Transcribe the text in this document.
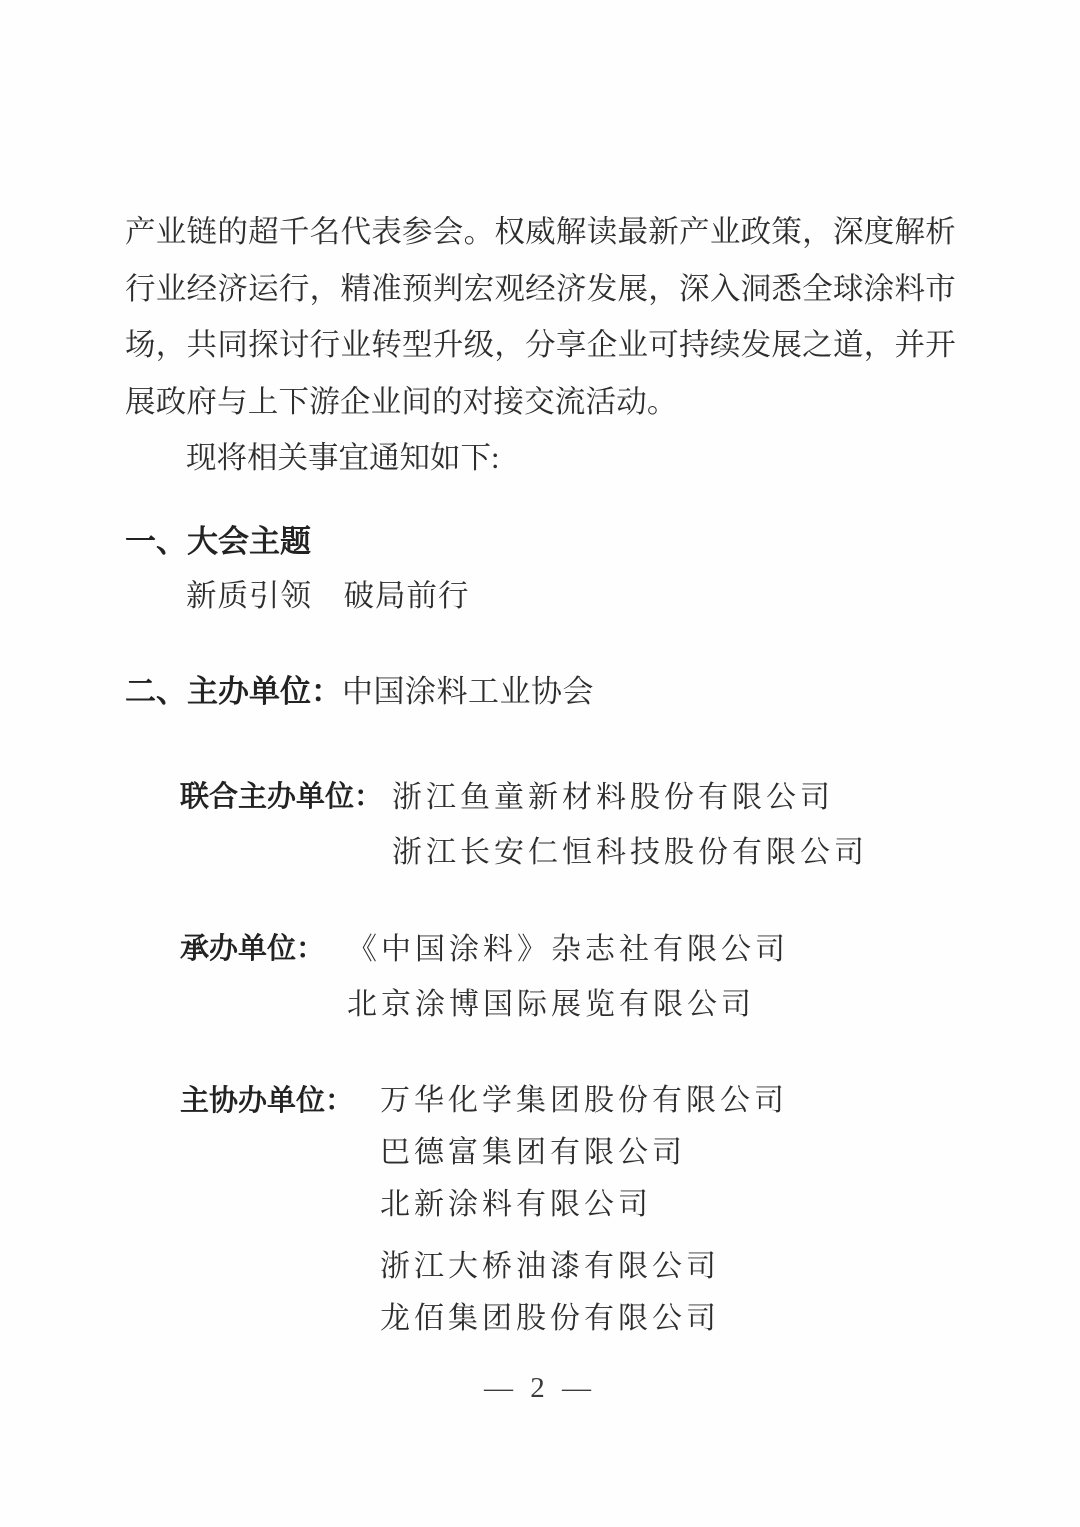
产业链的超千名代表参会。权威解读最新产业政策，深度解析行业经济运行，精准预判宏观经济发展，深入洞悉全球涂料市场，共同探讨行业转型升级，分享企业可持续发展之道，并开展政府与上下游企业间的对接交流活动。

现将相关事宜通知如下:

一、大会主题

新质引领　破局前行

二、主办单位：中国涂料工业协会
联合主办单位： 浙江鱼童新材料股份有限公司
浙江长安仁恒科技股份有限公司
承办单位： 《中国涂料》杂志社有限公司
北京涂博国际展览有限公司
主协办单位： 万华化学集团股份有限公司
巴德富集团有限公司
北新涂料有限公司
浙江大桥油漆有限公司
龙佰集团股份有限公司
— 2 —
